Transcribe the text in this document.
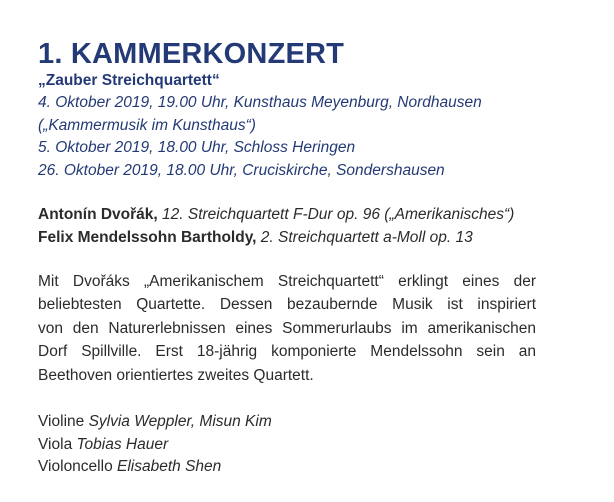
1. KAMMERKONZERT

„Zauber Streichquartett“

4. Oktober 2019, 19.00 Uhr, Kunsthaus Meyenburg, Nordhausen
(„Kammermusik im Kunsthaus“)
5. Oktober 2019, 18.00 Uhr, Schloss Heringen
26. Oktober 2019, 18.00 Uhr, Cruciskirche, Sondershausen
Antonín Dvořák, 12. Streichquartett F-Dur op. 96 („Amerikanisches“)
Felix Mendelssohn Bartholdy, 2. Streichquartett a-Moll op. 13
Mit Dvořáks „Amerikanischem Streichquartett“ erklingt eines der
beliebtesten Quartette. Dessen bezaubernde Musik ist inspiriert
von den Naturerlebnissen eines Sommerurlaubs im amerikanischen
Dorf Spillville. Erst 18-jährig komponierte Mendelssohn sein an
Beethoven orientiertes zweites Quartett.
Violine Sylvia Weppler, Misun Kim
Viola Tobias Hauer
Violoncello Elisabeth Shen
